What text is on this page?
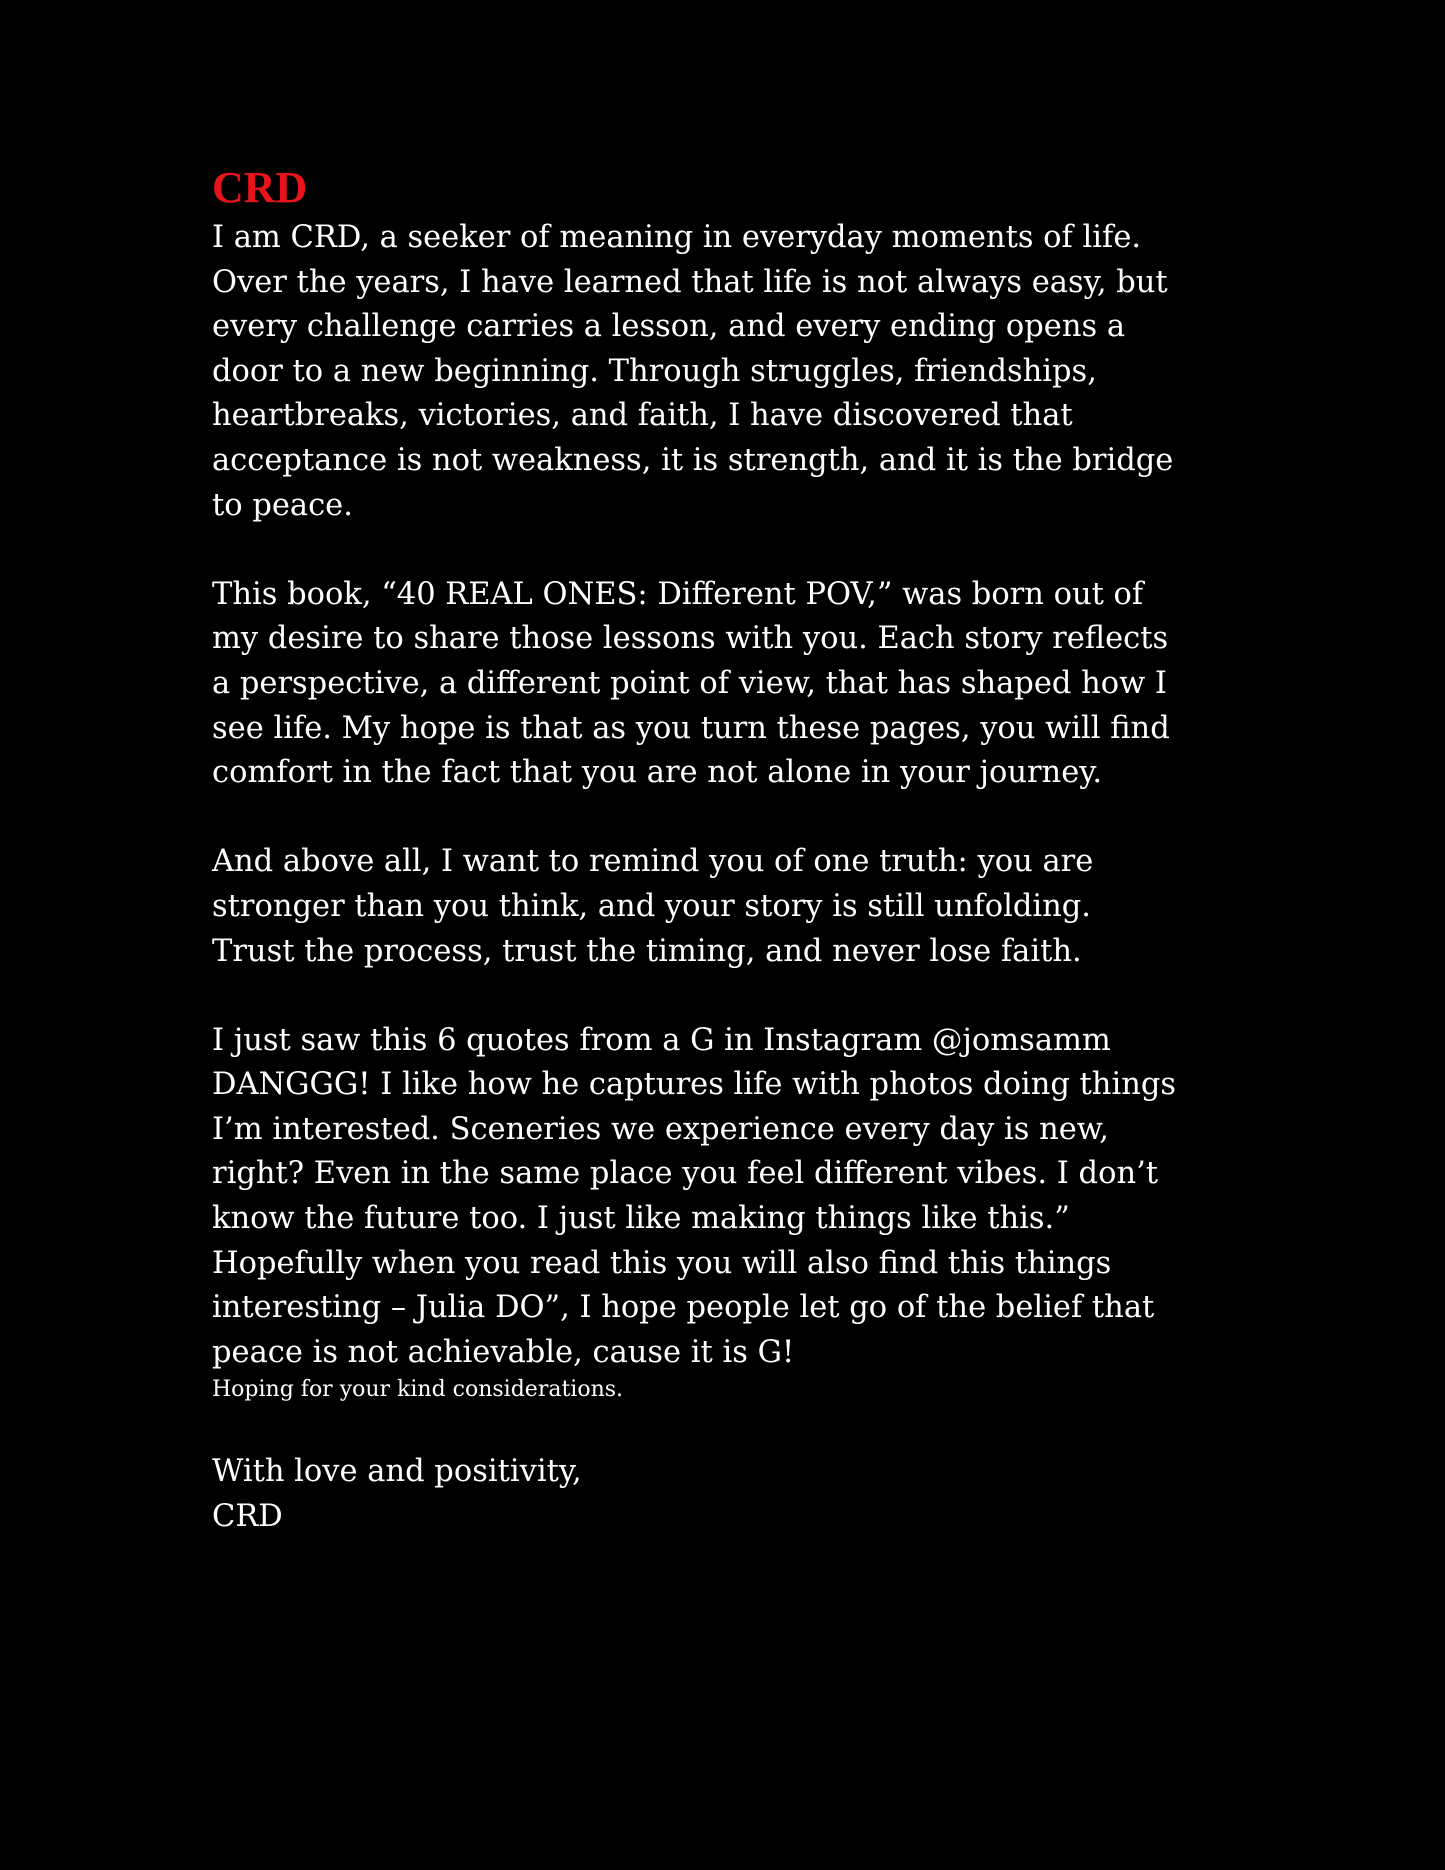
CRD

I am CRD, a seeker of meaning in everyday moments of life.
Over the years, I have learned that life is not always easy, but
every challenge carries a lesson, and every ending opens a
door to a new beginning. Through struggles, friendships,
heartbreaks, victories, and faith, I have discovered that
acceptance is not weakness, it is strength, and it is the bridge
to peace.

This book, “40 REAL ONES: Different POV,” was born out of
my desire to share those lessons with you. Each story reflects
a perspective, a different point of view, that has shaped how I
see life. My hope is that as you turn these pages, you will find
comfort in the fact that you are not alone in your journey.

And above all, I want to remind you of one truth: you are
stronger than you think, and your story is still unfolding.
Trust the process, trust the timing, and never lose faith.

I just saw this 6 quotes from a G in Instagram @jomsamm
DANGGG! I like how he captures life with photos doing things
I’m interested. Sceneries we experience every day is new,
right? Even in the same place you feel different vibes. I don’t
know the future too. I just like making things like this.”
Hopefully when you read this you will also find this things
interesting – Julia DO”, I hope people let go of the belief that
peace is not achievable, cause it is G!

Hoping for your kind considerations.

With love and positivity,

CRD
